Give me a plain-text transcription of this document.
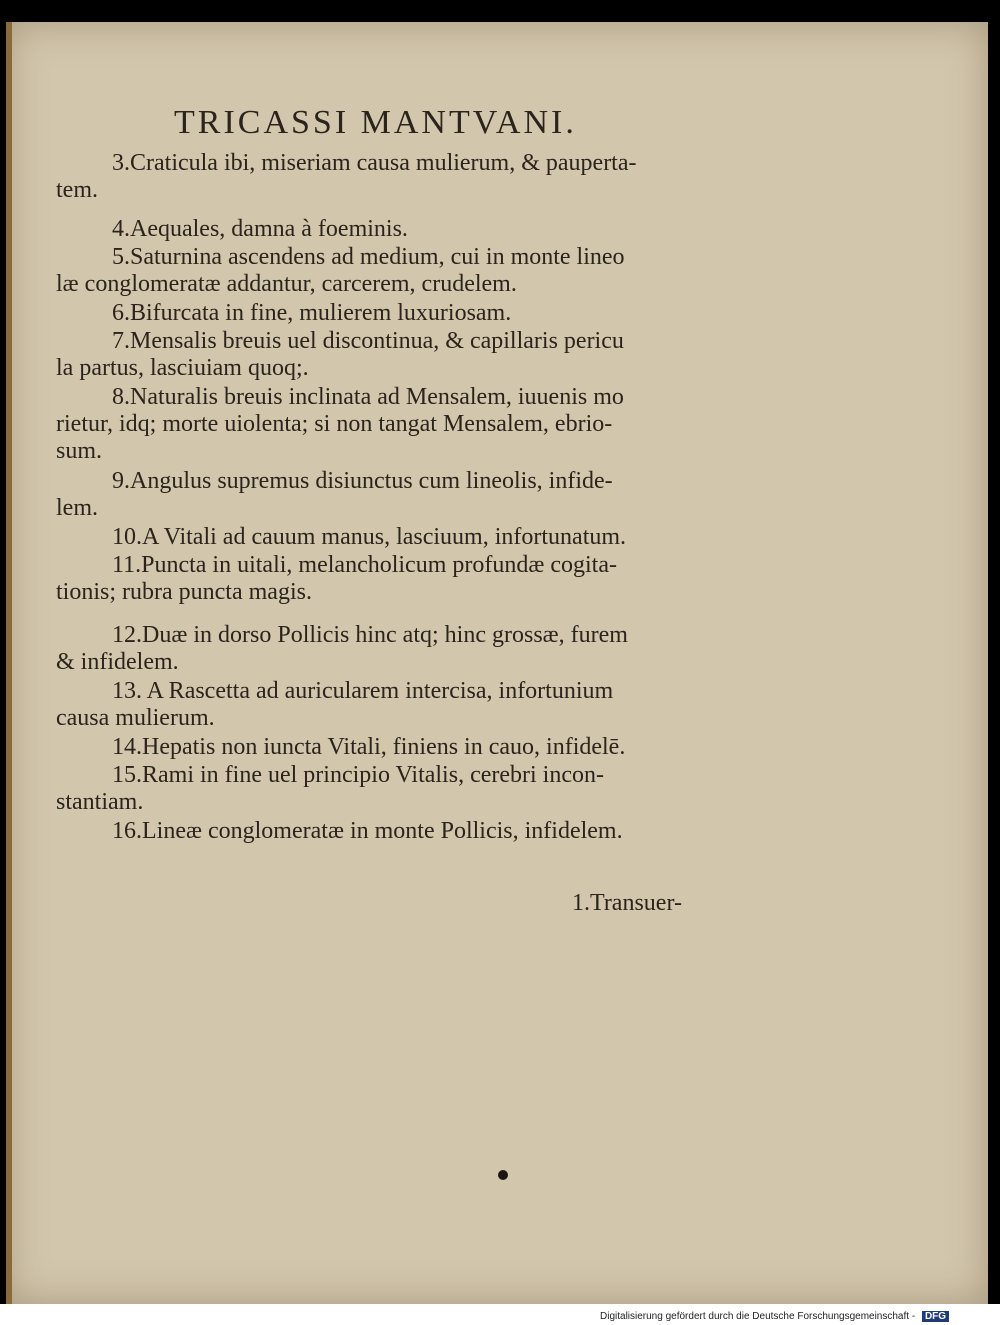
TRICASSI MANTVANI.
3.Craticula ibi, miseriam causa mulierum, & pauperta-
tem.
4.Aequales, damna à foeminis.
5.Saturnina ascendens ad medium, cui in monte lineo
læ conglomeratæ addantur, carcerem, crudelem.
6.Bifurcata in fine, mulierem luxuriosam.
7.Mensalis breuis uel discontinua, & capillaris pericu
la partus, lasciuiam quoq;.
8.Naturalis breuis inclinata ad Mensalem, iuuenis mo
rietur, idq; morte uiolenta; si non tangat Mensalem, ebrio-
sum.
9.Angulus supremus disiunctus cum lineolis, infide-
lem.
10.A Vitali ad cauum manus, lasciuum, infortunatum.
11.Puncta in uitali, melancholicum profundæ cogita-
tionis; rubra puncta magis.
12.Duæ in dorso Pollicis hinc atq; hinc grossæ, furem
& infidelem.
13. A Rascetta ad auricularem intercisa, infortunium
causa mulierum.
14.Hepatis non iuncta Vitali, finiens in cauo, infidelē.
15.Rami in fine uel principio Vitalis, cerebri incon-
stantiam.
16.Lineæ conglomeratæ in monte Pollicis, infidelem.
1.Transuer-
Digitalisierung gefördert durch die Deutsche Forschungsgemeinschaft - DFG
